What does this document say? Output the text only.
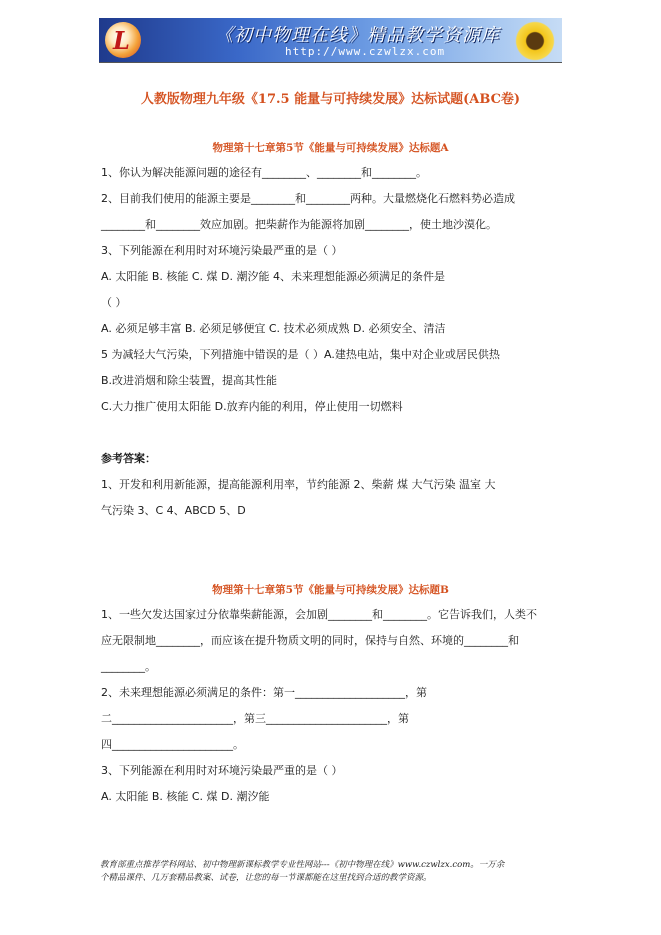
L	《初中物理在线》精品教学资源库
http://www.czwlzx.com
人教版物理九年级《17.5 能量与可持续发展》达标试题(ABC卷)
物理第十七章第5节《能量与可持续发展》达标题A
1、你认为解决能源问题的途径有________、________和________。
2、目前我们使用的能源主要是________和________两种。大量燃烧化石燃料势必造成
________和________效应加剧。把柴薪作为能源将加剧________，使土地沙漠化。
3、下列能源在利用时对环境污染最严重的是（ ）
A. 太阳能 B. 核能 C. 煤 D. 潮汐能 4、未来理想能源必须满足的条件是
（ ）
A. 必须足够丰富 B. 必须足够便宜 C. 技术必须成熟 D. 必须安全、清洁
5 为减轻大气污染，下列措施中错误的是（ ）A.建热电站，集中对企业或居民供热
B.改进消烟和除尘装置，提高其性能
C.大力推广使用太阳能 D.放弃内能的利用，停止使用一切燃料
参考答案：
1、开发和利用新能源，提高能源利用率，节约能源 2、柴薪 煤 大气污染 温室 大
气污染 3、C 4、ABCD 5、D
物理第十七章第5节《能量与可持续发展》达标题B
1、一些欠发达国家过分依靠柴薪能源，会加剧________和________。它告诉我们，人类不
应无限制地________，而应该在提升物质文明的同时，保持与自然、环境的________和
________。
2、未来理想能源必须满足的条件：第一____________________，第
二______________________，第三______________________，第
四______________________。
3、下列能源在利用时对环境污染最严重的是（ ）
A. 太阳能 B. 核能 C. 煤 D. 潮汐能
教育部重点推荐学科网站、初中物理新课标教学专业性网站---《初中物理在线》www.czwlzx.com。一万余
个精品课件、几万套精品教案、试卷，让您的每一节课都能在这里找到合适的教学资源。
